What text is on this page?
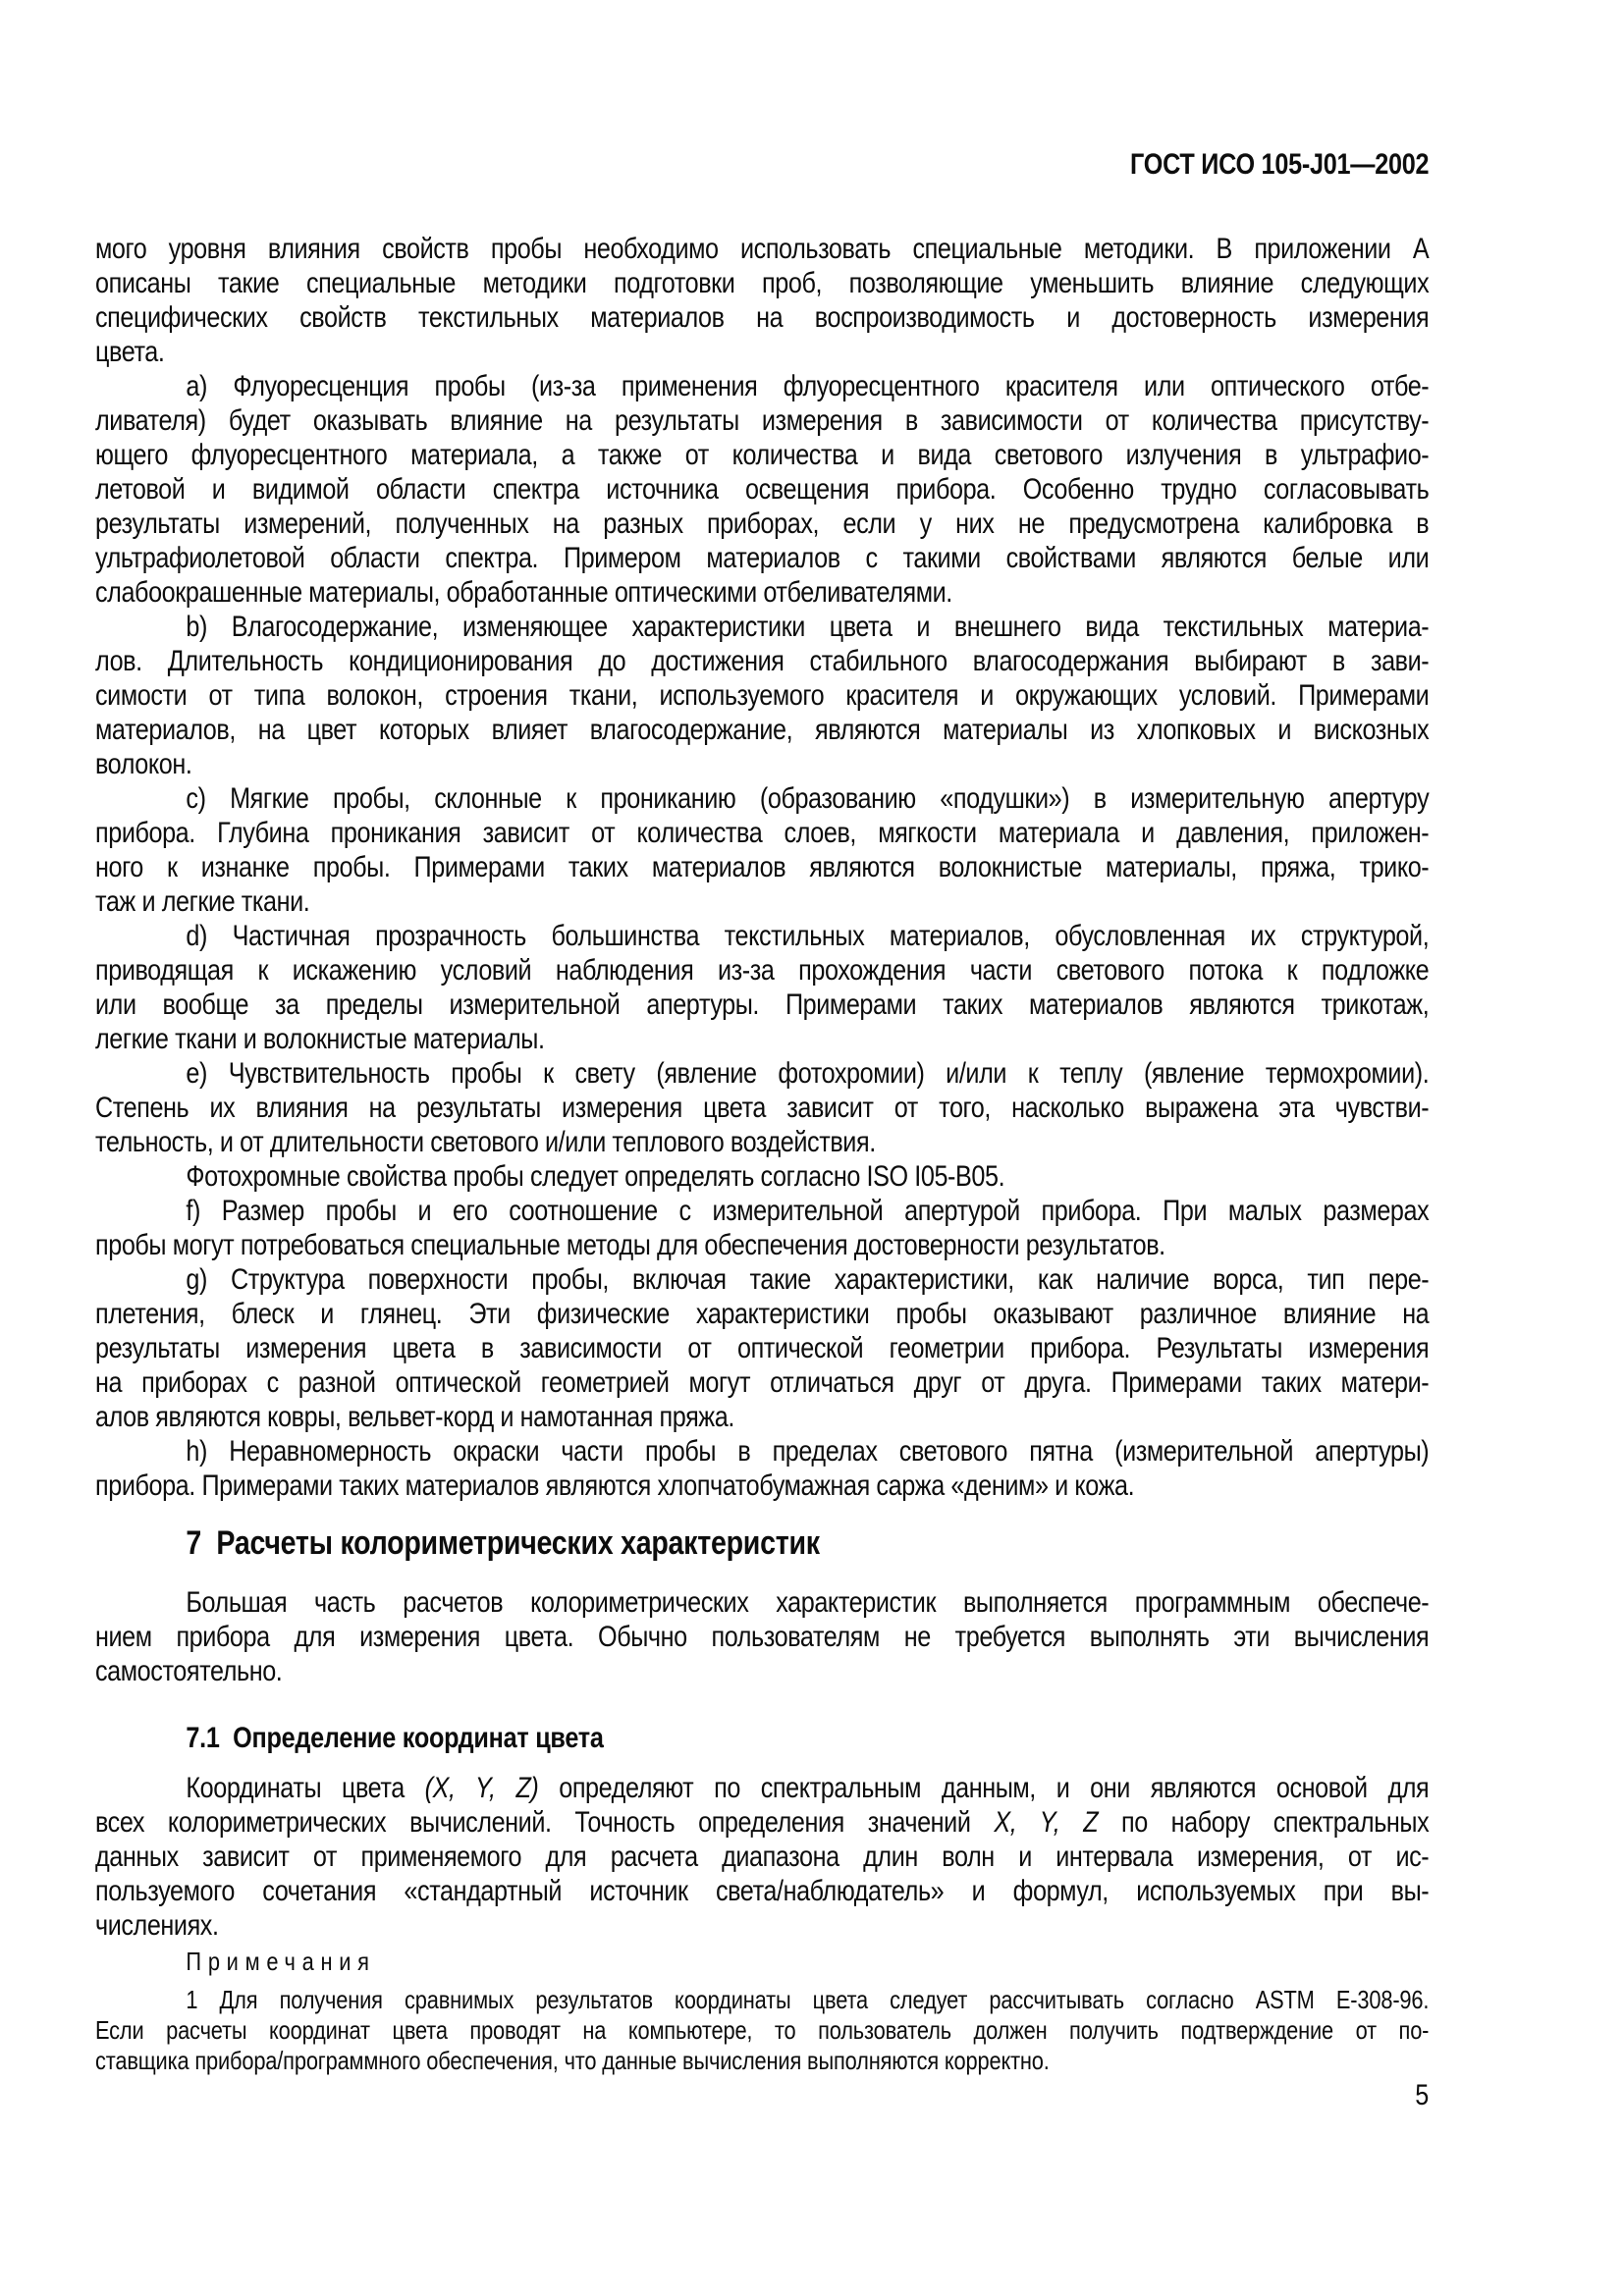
ГОСТ ИСО 105-J01—2002
мого уровня влияния свойств пробы необходимо использовать специальные методики. В приложении А
описаны такие специальные методики подготовки проб, позволяющие уменьшить влияние следующих
специфических свойств текстильных материалов на воспроизводимость и достоверность измерения
цвета.
a) Флуоресценция пробы (из-за применения флуоресцентного красителя или оптического отбе-
ливателя) будет оказывать влияние на результаты измерения в зависимости от количества присутству-
ющего флуоресцентного материала, а также от количества и вида светового излучения в ультрафио-
летовой и видимой области спектра источника освещения прибора. Особенно трудно согласовывать
результаты измерений, полученных на разных приборах, если у них не предусмотрена калибровка в
ультрафиолетовой области спектра. Примером материалов с такими свойствами являются белые или
слабоокрашенные материалы, обработанные оптическими отбеливателями.
b) Влагосодержание, изменяющее характеристики цвета и внешнего вида текстильных материа-
лов. Длительность кондиционирования до достижения стабильного влагосодержания выбирают в зави-
симости от типа волокон, строения ткани, используемого красителя и окружающих условий. Примерами
материалов, на цвет которых влияет влагосодержание, являются материалы из хлопковых и вискозных
волокон.
c) Мягкие пробы, склонные к прониканию (образованию «подушки») в измерительную апертуру
прибора. Глубина проникания зависит от количества слоев, мягкости материала и давления, приложен-
ного к изнанке пробы. Примерами таких материалов являются волокнистые материалы, пряжа, трико-
таж и легкие ткани.
d) Частичная прозрачность большинства текстильных материалов, обусловленная их структурой,
приводящая к искажению условий наблюдения из-за прохождения части светового потока к подложке
или вообще за пределы измерительной апертуры. Примерами таких материалов являются трикотаж,
легкие ткани и волокнистые материалы.
e) Чувствительность пробы к свету (явление фотохромии) и/или к теплу (явление термохромии).
Степень их влияния на результаты измерения цвета зависит от того, насколько выражена эта чувстви-
тельность, и от длительности светового и/или теплового воздействия.
Фотохромные свойства пробы следует определять согласно ISO I05-B05.
f) Размер пробы и его соотношение с измерительной апертурой прибора. При малых размерах
пробы могут потребоваться специальные методы для обеспечения достоверности результатов.
g) Структура поверхности пробы, включая такие характеристики, как наличие ворса, тип пере-
плетения, блеск и глянец. Эти физические характеристики пробы оказывают различное влияние на
результаты измерения цвета в зависимости от оптической геометрии прибора. Результаты измерения
на приборах с разной оптической геометрией могут отличаться друг от друга. Примерами таких матери-
алов являются ковры, вельвет-корд и намотанная пряжа.
h) Неравномерность окраски части пробы в пределах светового пятна (измерительной апертуры)
прибора. Примерами таких материалов являются хлопчатобумажная саржа «деним» и кожа.
7  Расчеты колориметрических характеристик
Большая часть расчетов колориметрических характеристик выполняется программным обеспече-
нием прибора для измерения цвета. Обычно пользователям не требуется выполнять эти вычисления
самостоятельно.
7.1  Определение координат цвета
Координаты цвета (X, Y, Z) определяют по спектральным данным, и они являются основой для
всех колориметрических вычислений. Точность определения значений X, Y, Z по набору спектральных
данных зависит от применяемого для расчета диапазона длин волн и интервала измерения, от ис-
пользуемого сочетания «стандартный источник света/наблюдатель» и формул, используемых при вы-
числениях.
Примечания
1 Для получения сравнимых результатов координаты цвета следует рассчитывать согласно ASTM E-308-96.
Если расчеты координат цвета проводят на компьютере, то пользователь должен получить подтверждение от по-
ставщика прибора/программного обеспечения, что данные вычисления выполняются корректно.
5
